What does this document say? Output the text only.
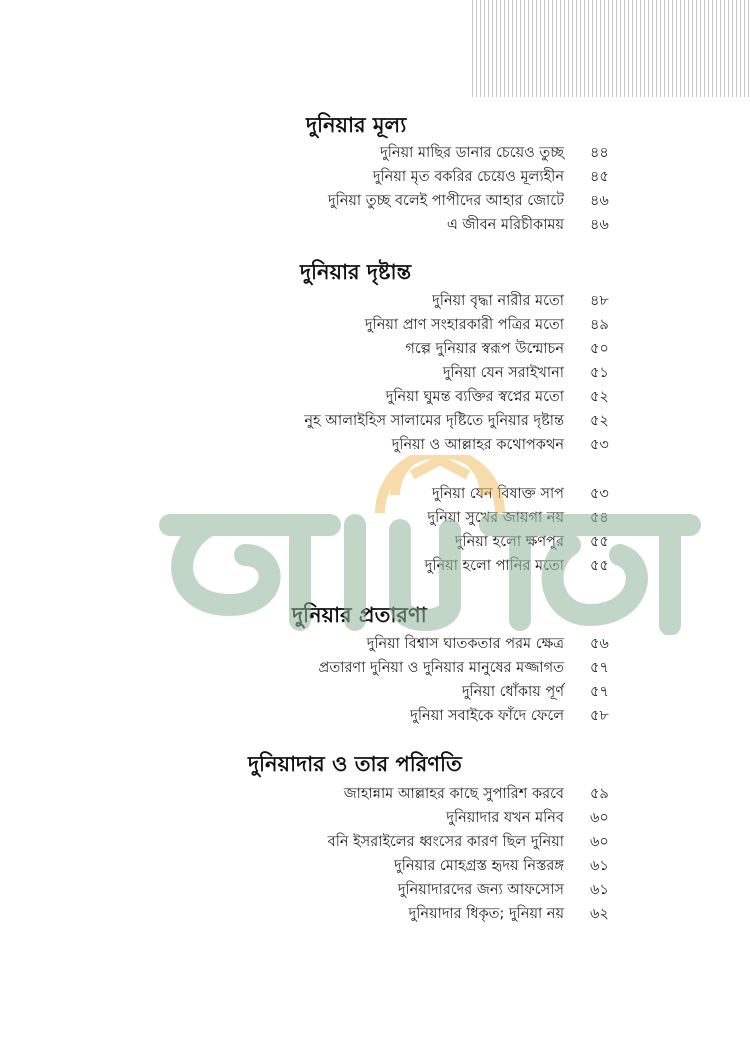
দুনিয়ার মূল্য
দুনিয়া মাছির ডানার চেয়েও তুচ্ছ ৪৪
দুনিয়া মৃত বকরির চেয়েও মূল্যহীন ৪৫
দুনিয়া তুচ্ছ বলেই পাপীদের আহার জোটে ৪৬
এ জীবন মরিচীকাময় ৪৬
দুনিয়ার দৃষ্টান্ত
দুনিয়া বৃদ্ধা নারীর মতো ৪৮
দুনিয়া প্রাণ সংহারকারী পত্রির মতো ৪৯
গল্পে দুনিয়ার স্বরূপ উন্মোচন ৫০
দুনিয়া যেন সরাইখানা ৫১
দুনিয়া ঘুমন্ত ব্যক্তির স্বপ্নের মতো ৫২
নুহ আলাইহিস সালামের দৃষ্টিতে দুনিয়ার দৃষ্টান্ত ৫২
দুনিয়া ও আল্লাহর কথোপকথন ৫৩
দুনিয়া যেন বিষাক্ত সাপ ৫৩
দুনিয়া সুখের জায়গা নয় ৫৪
দুনিয়া হলো ক্ষণপুর ৫৫
দুনিয়া হলো পানির মতো ৫৫
দুনিয়ার প্রতারণা
দুনিয়া বিশ্বাস ঘাতকতার পরম ক্ষেত্র ৫৬
প্রতারণা দুনিয়া ও দুনিয়ার মানুষের মজ্জাগত ৫৭
দুনিয়া ধোঁকায় পূর্ণ ৫৭
দুনিয়া সবাইকে ফাঁদে ফেলে ৫৮
দুনিয়াদার ও তার পরিণতি
জাহান্নাম আল্লাহর কাছে সুপারিশ করবে ৫৯
দুনিয়াদার যখন মনিব ৬০
বনি ইসরাইলের ধ্বংসের কারণ ছিল দুনিয়া ৬০
দুনিয়ার মোহগ্রস্ত হৃদয় নিস্তরঙ্গ ৬১
দুনিয়াদারদের জন্য আফসোস ৬১
দুনিয়াদার ধিকৃত; দুনিয়া নয় ৬২
